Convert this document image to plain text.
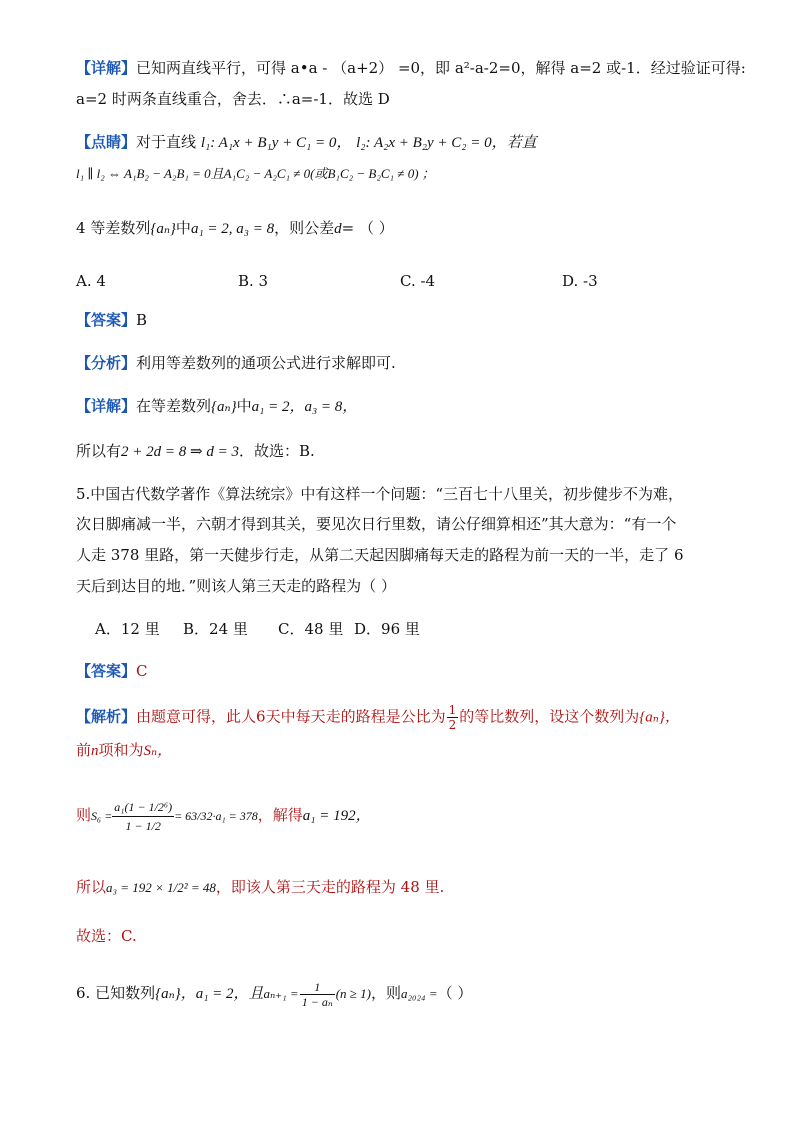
【详解】已知两直线平行，可得 a•a - （a+2） =0，即 a²-a-2=0，解得 a=2 或-1．经过验证可得:
a=2 时两条直线重合，舍去．∴a=-1．故选 D
【点睛】对于直线 l₁: A₁x + B₁y + C₁ = 0， l₂: A₂x + B₂y + C₂ = 0，若直
l₁ ∥ l₂ ⇔ A₁B₂ − A₂B₁ = 0且A₁C₂ − A₂C₁ ≠ 0(或B₁C₂ − B₂C₁ ≠ 0) ；
4 等差数列{aₙ}中a₁ = 2, a₃ = 8，则公差d= （ ）
A. 4	B. 3	C. -4	D. -3
【答案】B
【分析】利用等差数列的通项公式进行求解即可.
【详解】在等差数列{aₙ}中a₁ = 2，a₃ = 8，
所以有2 + 2d = 8 ⇒ d = 3．故选：B.
5.中国古代数学著作《算法统宗》中有这样一个问题：“三百七十八里关，初步健步不为难，
次日脚痛减一半，六朝才得到其关，要见次日行里数，请公仔细算相还”其大意为：“有一个
人走 378 里路，第一天健步行走，从第二天起因脚痛每天走的路程为前一天的一半，走了 6
天后到达目的地．”则该人第三天走的路程为（ ）
A．12 里 B．24 里 C．48 里 D．96 里
【答案】C
【解析】由题意可得，此人6天中每天走的路程是公比为 $\frac{1}{2}$ 的等比数列，设这个数列为{aₙ}，
前n项和为Sₙ，
则$S_6 = \frac{\text{a₁(1 − 1/2⁶)}}{1 - 1/2} = 63/32\cdot a_1 = 378$，解得a₁ = 192，
所以a₃ = 192 × 1/2² = 48，即该人第三天走的路程为 48 里.
故选：C.
6. 已知数列{aₙ}，a₁ = 2，且$a_{n+1} = \frac{1}{\text{1 − aₙ}} (n \ge 1)$，则a₂₀₂₄ =（ ）
